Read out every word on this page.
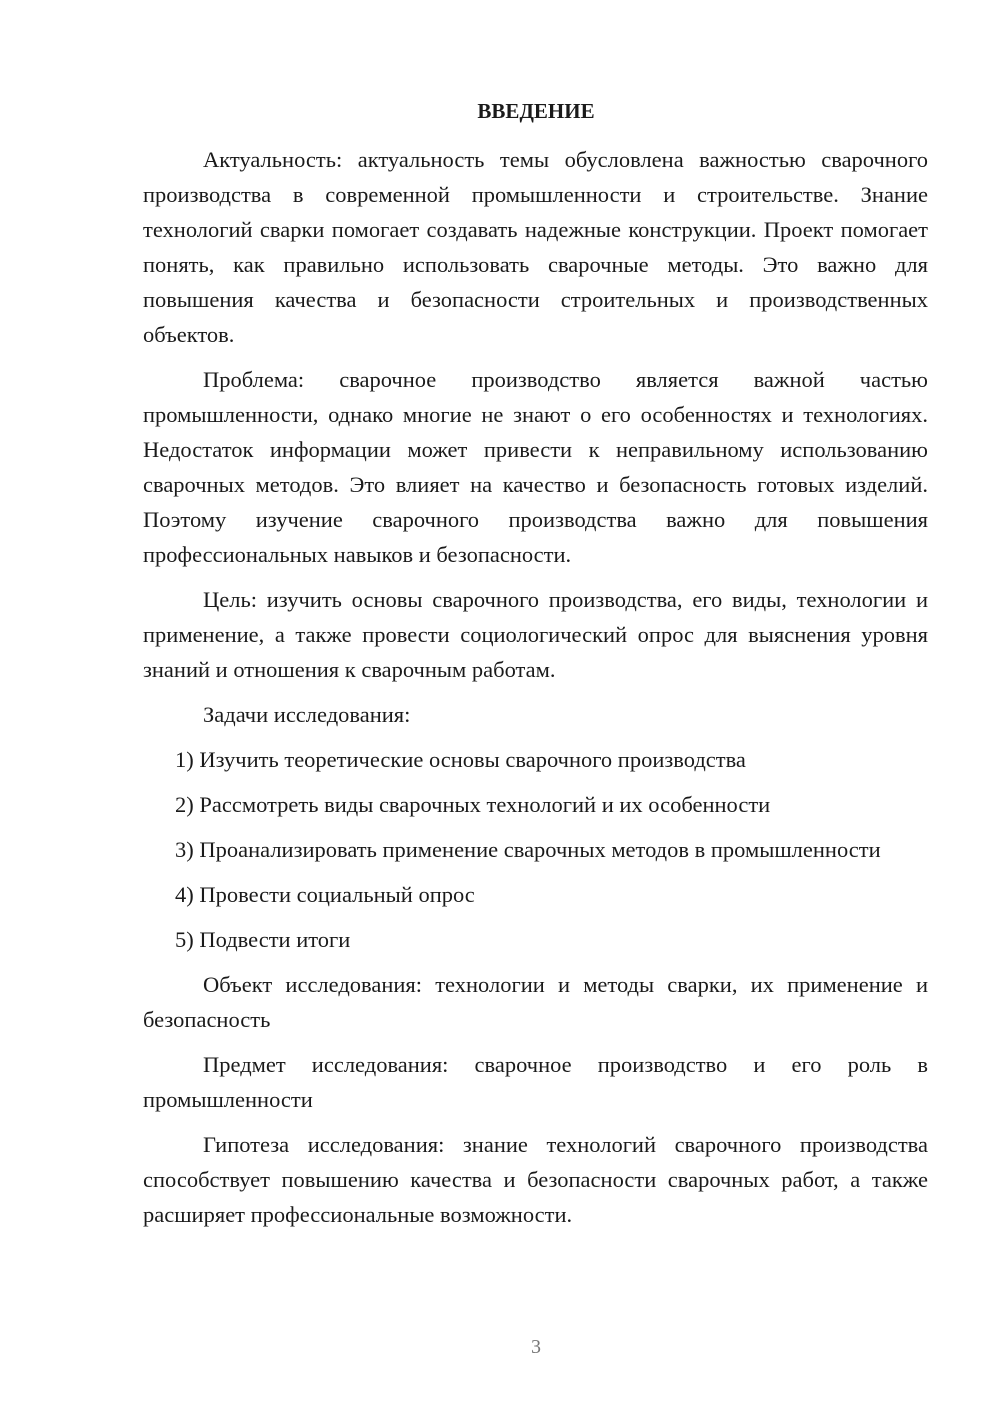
ВВЕДЕНИЕ

Актуальность: актуальность темы обусловлена важностью сварочного производства в современной промышленности и строительстве. Знание технологий сварки помогает создавать надежные конструкции. Проект помогает понять, как правильно использовать сварочные методы. Это важно для повышения качества и безопасности строительных и производственных объектов.

Проблема: сварочное производство является важной частью промышленности, однако многие не знают о его особенностях и технологиях. Недостаток информации может привести к неправильному использованию сварочных методов. Это влияет на качество и безопасность готовых изделий. Поэтому изучение сварочного производства важно для повышения профессиональных навыков и безопасности.

Цель: изучить основы сварочного производства, его виды, технологии и применение, а также провести социологический опрос для выяснения уровня знаний и отношения к сварочным работам.

Задачи исследования:

1) Изучить теоретические основы сварочного производства

2) Рассмотреть виды сварочных технологий и их особенности

3) Проанализировать применение сварочных методов в промышленности

4) Провести социальный опрос

5) Подвести итоги

Объект исследования: технологии и методы сварки, их применение и безопасность

Предмет исследования: сварочное производство и его роль в промышленности

Гипотеза исследования: знание технологий сварочного производства способствует повышению качества и безопасности сварочных работ, а также расширяет профессиональные возможности.

3
